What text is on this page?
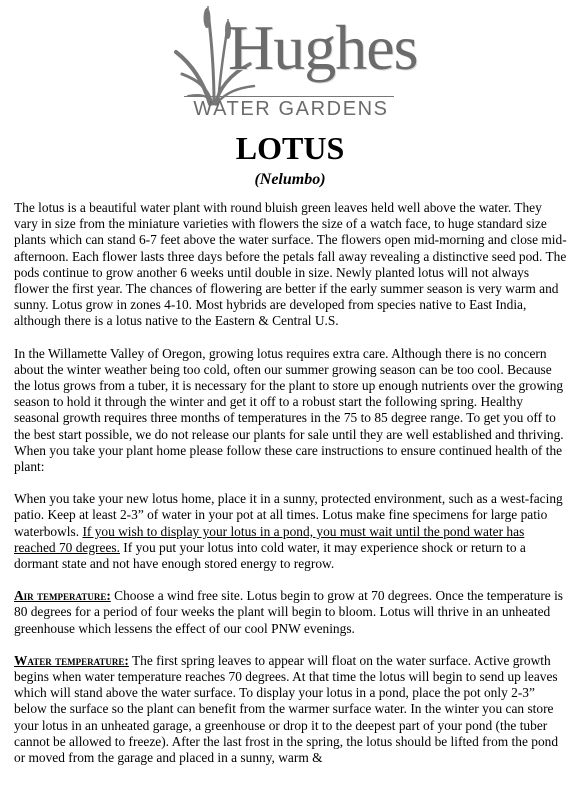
Hughes
WATER GARDENS
LOTUS
(Nelumbo)

The lotus is a beautiful water plant with round bluish green leaves held well above the water. They vary in size from the miniature varieties with flowers the size of a watch face, to huge standard size plants which can stand 6-7 feet above the water surface. The flowers open mid-morning and close mid-afternoon. Each flower lasts three days before the petals fall away revealing a distinctive seed pod. The pods continue to grow another 6 weeks until double in size. Newly planted lotus will not always flower the first year. The chances of flowering are better if the early summer season is very warm and sunny. Lotus grow in zones 4-10. Most hybrids are developed from species native to East India, although there is a lotus native to the Eastern & Central U.S.

In the Willamette Valley of Oregon, growing lotus requires extra care. Although there is no concern about the winter weather being too cold, often our summer growing season can be too cool. Because the lotus grows from a tuber, it is necessary for the plant to store up enough nutrients over the growing season to hold it through the winter and get it off to a robust start the following spring. Healthy seasonal growth requires three months of temperatures in the 75 to 85 degree range. To get you off to the best start possible, we do not release our plants for sale until they are well established and thriving. When you take your plant home please follow these care instructions to ensure continued health of the plant:

When you take your new lotus home, place it in a sunny, protected environment, such as a west-facing patio. Keep at least 2-3” of water in your pot at all times. Lotus make fine specimens for large patio waterbowls. If you wish to display your lotus in a pond, you must wait until the pond water has reached 70 degrees. If you put your lotus into cold water, it may experience shock or return to a dormant state and not have enough stored energy to regrow.

Air temperature: Choose a wind free site. Lotus begin to grow at 70 degrees. Once the temperature is 80 degrees for a period of four weeks the plant will begin to bloom. Lotus will thrive in an unheated greenhouse which lessens the effect of our cool PNW evenings.

Water temperature: The first spring leaves to appear will float on the water surface. Active growth begins when water temperature reaches 70 degrees. At that time the lotus will begin to send up leaves which will stand above the water surface. To display your lotus in a pond, place the pot only 2-3” below the surface so the plant can benefit from the warmer surface water. In the winter you can store your lotus in an unheated garage, a greenhouse or drop it to the deepest part of your pond (the tuber cannot be allowed to freeze). After the last frost in the spring, the lotus should be lifted from the pond or moved from the garage and placed in a sunny, warm &
